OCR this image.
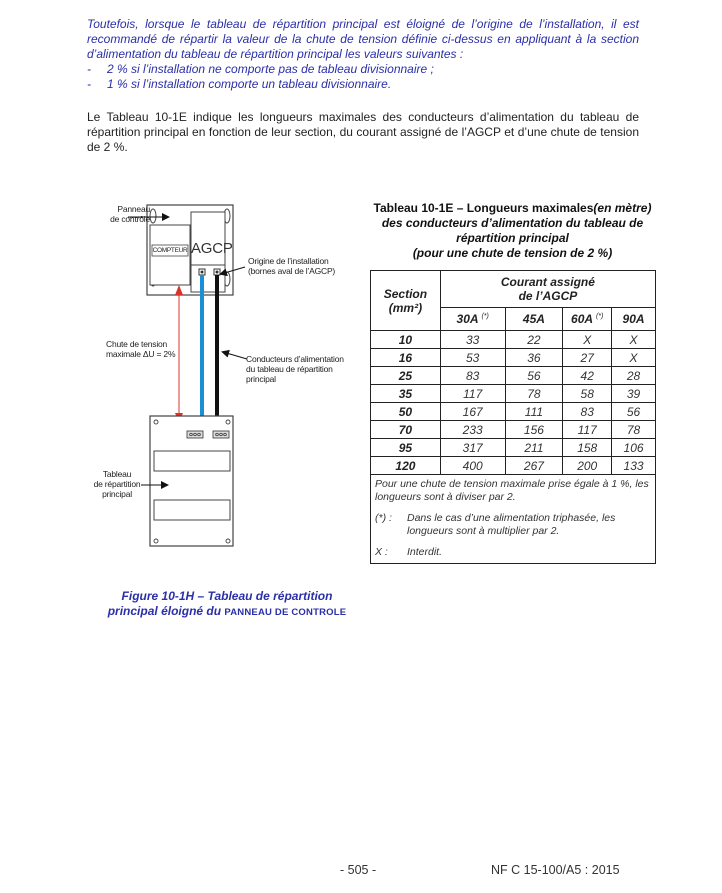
Toutefois, lorsque le tableau de répartition principal est éloigné de l’origine de l’installation, il est recommandé de répartir la valeur de la chute de tension définie ci-dessus en appliquant à la section d’alimentation du tableau de répartition principal les valeurs suivantes :

-	2 % si l’installation ne comporte pas de tableau divisionnaire ;
-	1 % si l’installation comporte un tableau divisionnaire.

Le Tableau 10-1E indique les longueurs maximales des conducteurs d’alimentation du tableau de répartition principal en fonction de leur section, du courant assigné de l’AGCP et d’une chute de tension de 2 %.

Panneau
de contrôle
COMPTEUR AGCP
Origine de l’installation
(bornes aval de l’AGCP)
Chute de tension
maximale ΔU = 2%	Conducteurs d’alimentation
du tableau de répartition
principal
Tableau
de répartition
principal
Figure 10-1H – Tableau de répartition
principal éloigné du PANNEAU DE CONTROLE
Tableau 10-1E – Longueurs maximales(en mètre) des conducteurs d’alimentation du tableau de répartition principal
(pour une chute de tension de 2 %)
Section
(mm²)

Courant assigné
de l’AGCP

	30A (*)	45A	60A (*)	90A
10	33	22	X	X
16	53	36	27	X
25	83	56	42	28
35	117	78	58	39
50	167	111	83	56
70	233	156	117	78
95	317	211	158	106
120	400	267	200	133

Pour une chute de tension maximale prise égale à 1 %, les longueurs sont à diviser par 2.
(*) : Dans le cas d’une alimentation triphasée, les longueurs sont à multiplier par 2.
X : Interdit.				
- 505 -	NF C 15-100/A5 : 2015
